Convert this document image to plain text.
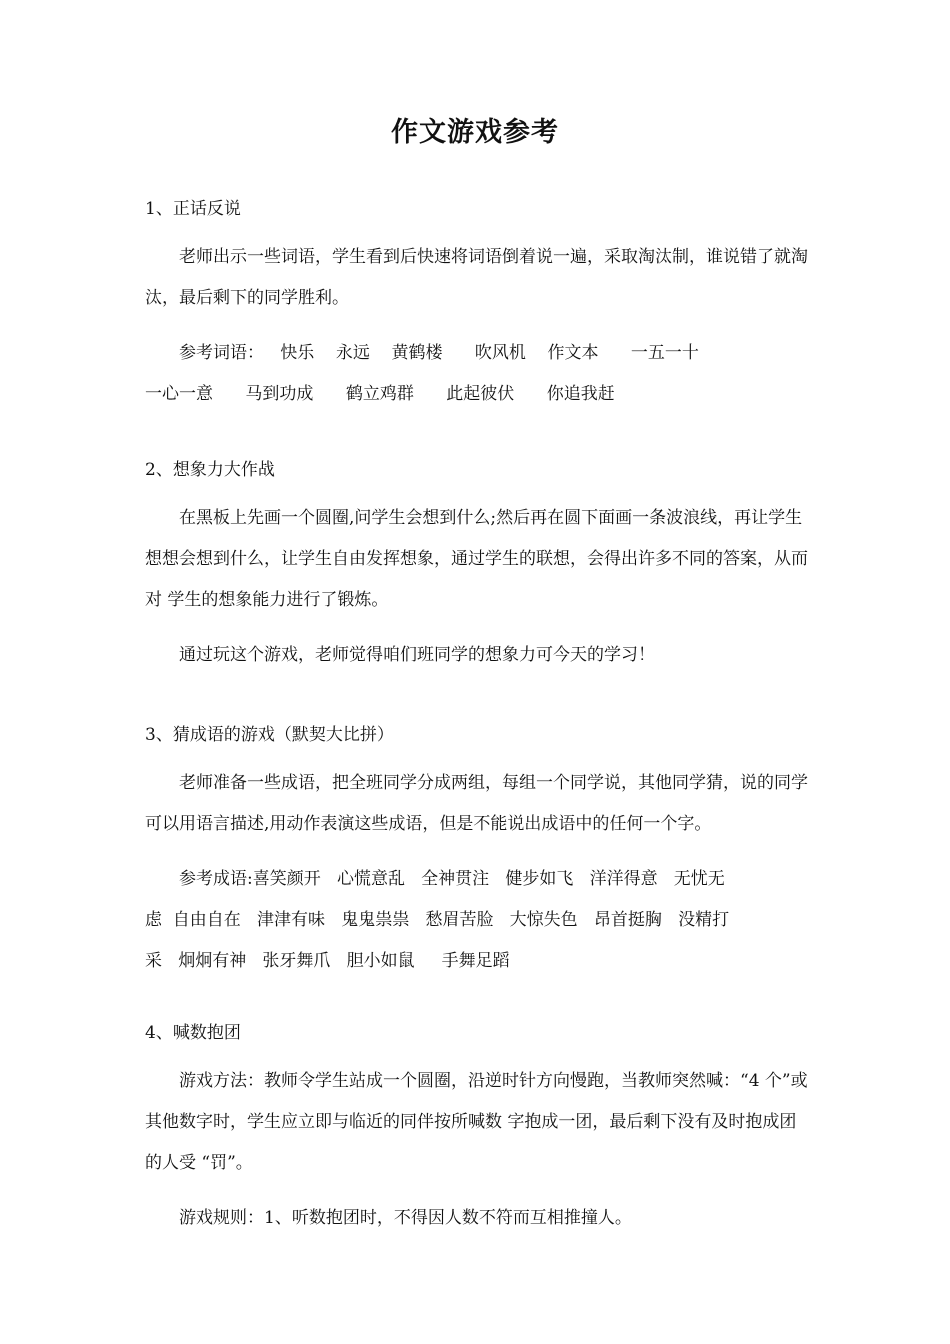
作文游戏参考
1、正话反说
老师出示一些词语，学生看到后快速将词语倒着说一遍，采取淘汰制，谁说错了就淘汰，最后剩下的同学胜利。
参考词语：   快乐    永远    黄鹤楼      吹风机    作文本      一五一十
一心一意      马到功成      鹤立鸡群      此起彼伏      你追我赶
2、想象力大作战
在黑板上先画一个圆圈,问学生会想到什么;然后再在圆下面画一条波浪线，再让学生想想会想到什么，让学生自由发挥想象，通过学生的联想，会得出许多不同的答案，从而对 学生的想象能力进行了锻炼。
通过玩这个游戏，老师觉得咱们班同学的想象力可今天的学习！
3、猜成语的游戏（默契大比拼）
老师准备一些成语，把全班同学分成两组，每组一个同学说，其他同学猜，说的同学可以用语言描述,用动作表演这些成语，但是不能说出成语中的任何一个字。
参考成语:喜笑颜开   心慌意乱   全神贯注   健步如飞   洋洋得意   无忧无
虑  自由自在   津津有味   鬼鬼祟祟   愁眉苦脸   大惊失色   昂首挺胸   没精打
采   炯炯有神   张牙舞爪   胆小如鼠     手舞足蹈
4、喊数抱团
游戏方法：教师令学生站成一个圆圈，沿逆时针方向慢跑，当教师突然喊：“4 个”或其他数字时，学生应立即与临近的同伴按所喊数 字抱成一团，最后剩下没有及时抱成团的人受 “罚”。
游戏规则：1、听数抱团时，不得因人数不符而互相推撞人。
